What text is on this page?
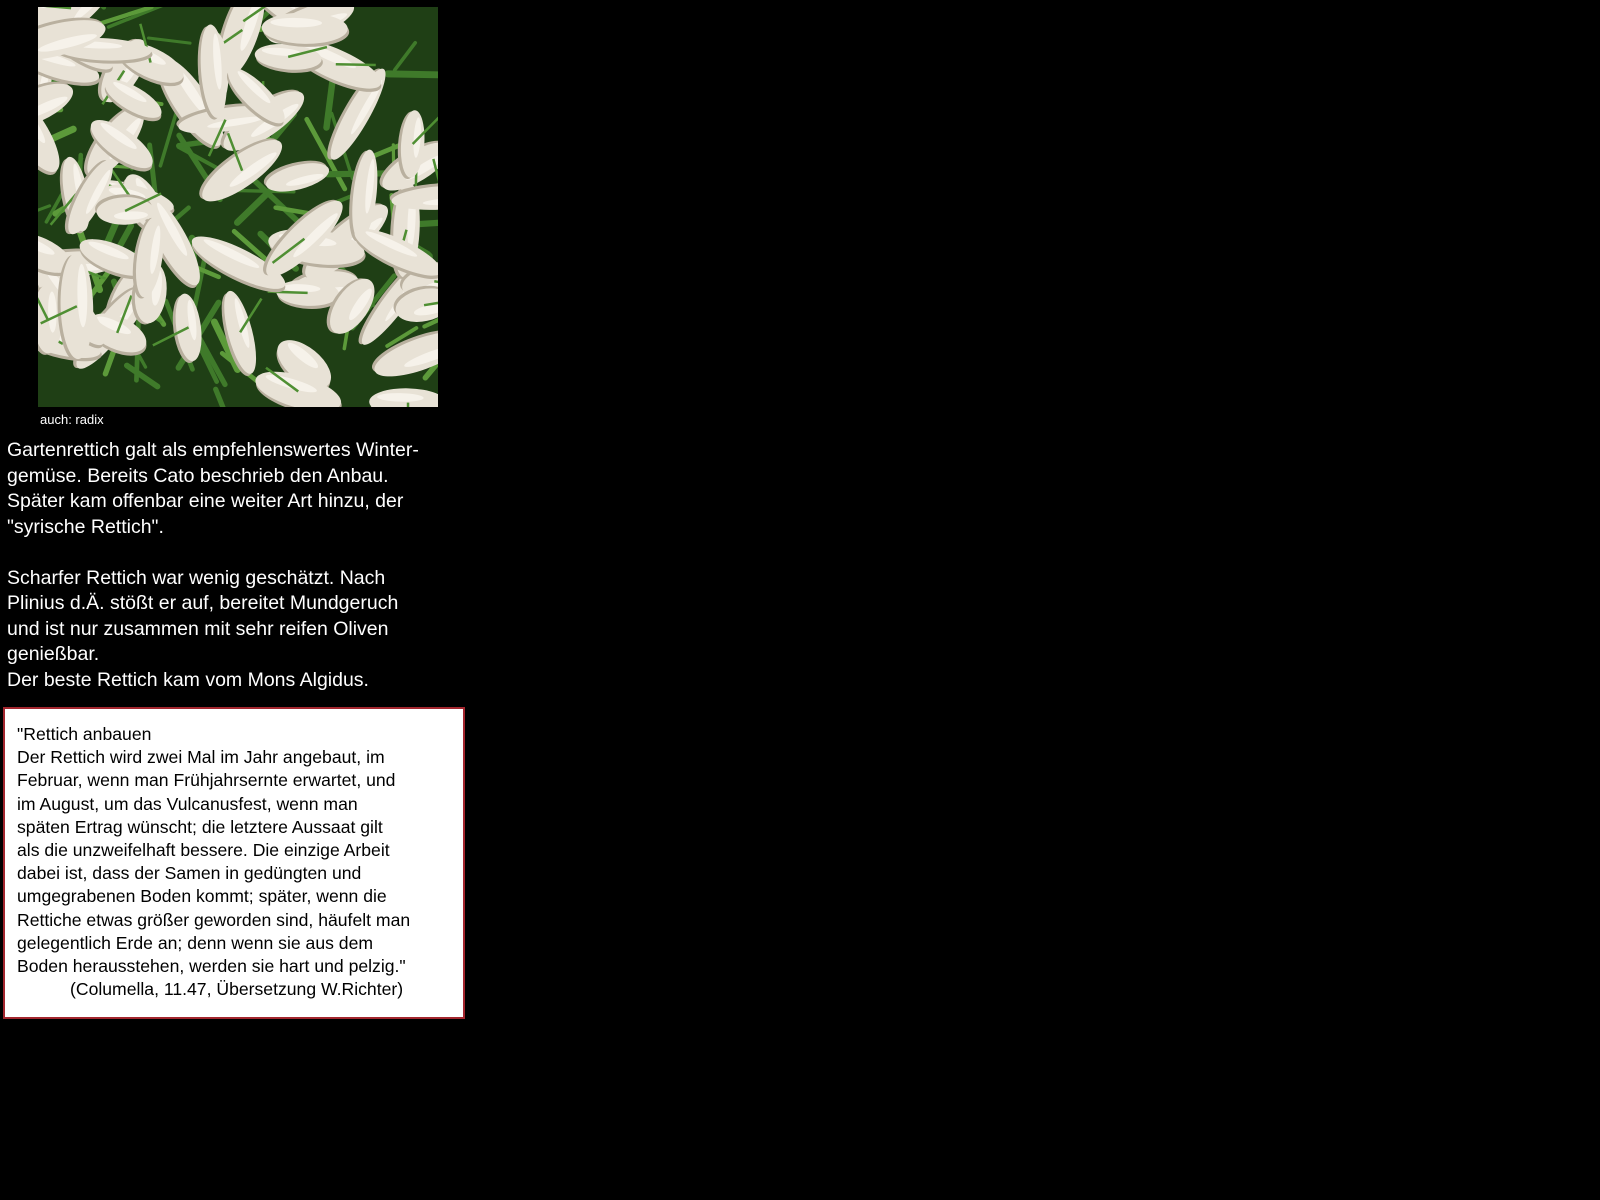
auch: radix

Gartenrettich galt als empfehlenswertes Winter-
gemüse. Bereits Cato beschrieb den Anbau.
Später kam offenbar eine weiter Art hinzu, der
"syrische Rettich".

Scharfer Rettich war wenig geschätzt. Nach
Plinius d.Ä. stößt er auf, bereitet Mundgeruch
und ist nur zusammen mit sehr reifen Oliven
genießbar.
Der beste Rettich kam vom Mons Algidus.

"Rettich anbauen
Der Rettich wird zwei Mal im Jahr angebaut, im
Februar, wenn man Frühjahrsernte erwartet, und
im August, um das Vulcanusfest, wenn man
späten Ertrag wünscht; die letztere Aussaat gilt
als die unzweifelhaft bessere. Die einzige Arbeit
dabei ist, dass der Samen in gedüngten und
umgegrabenen Boden kommt; später, wenn die
Rettiche etwas größer geworden sind, häufelt man
gelegentlich Erde an; denn wenn sie aus dem
Boden herausstehen, werden sie hart und pelzig."
(Columella, 11.47, Übersetzung W.Richter)
